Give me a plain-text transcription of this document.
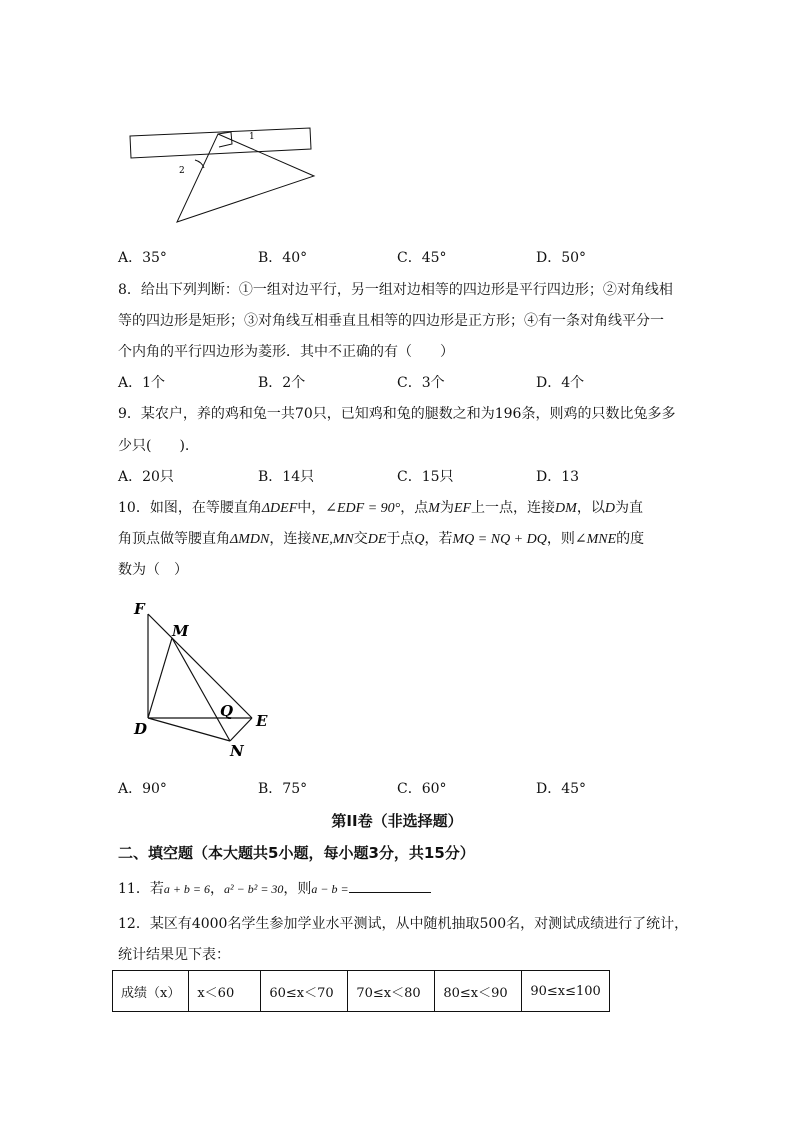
1
2
A．35°	B．40°	C．45°	D．50°
8．给出下列判断：①一组对边平行，另一组对边相等的四边形是平行四边形；②对角线相
等的四边形是矩形；③对角线互相垂直且相等的四边形是正方形；④有一条对角线平分一
个内角的平行四边形为菱形．其中不正确的有（　　）
A．1个	B．2个	C．3个	D．4个
9．某农户，养的鸡和兔一共70只，已知鸡和兔的腿数之和为196条，则鸡的只数比兔多多
少只(　　).
A．20只	B．14只	C．15只	D．13
10．如图，在等腰直角ΔDEF中，∠EDF = 90°，点M为EF上一点，连接DM，以D为直
角顶点做等腰直角ΔMDN，连接NE,MN交DE于点Q，若MQ = NQ + DQ，则∠MNE的度
数为（　）
F
M
Q
E
D
N
A．90°	B．75°	C．60°	D．45°
第II卷（非选择题）
二、填空题（本大题共5小题，每小题3分，共15分）
11．若a + b = 6，a² − b² = 30，则a − b =
12．某区有4000名学生参加学业水平测试，从中随机抽取500名，对测试成绩进行了统计，
统计结果见下表：
成绩（x）	x＜60	60≤x＜70	70≤x＜80	80≤x＜90	90≤x≤100
